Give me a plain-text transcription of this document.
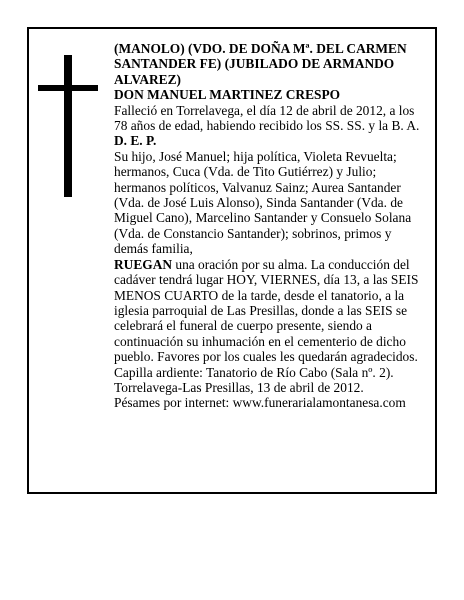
(MANOLO) (VDO. DE DOÑA Mª. DEL CARMEN SANTANDER FE) (JUBILADO DE ARMANDO ALVAREZ)

DON MANUEL MARTINEZ CRESPO

Falleció en Torrelavega, el día 12 de abril de 2012, a los 78 años de edad, habiendo recibido los SS. SS. y la B. A.

D. E. P.

Su hijo, José Manuel; hija política, Violeta Revuelta; hermanos, Cuca (Vda. de Tito Gutiérrez) y Julio; hermanos políticos, Valvanuz Sainz; Aurea Santander (Vda. de José Luis Alonso), Sinda Santander (Vda. de Miguel Cano), Marcelino Santander y Consuelo Solana (Vda. de Constancio Santander); sobrinos, primos y demás familia,

RUEGAN una oración por su alma. La conducción del cadáver tendrá lugar HOY, VIERNES, día 13, a las SEIS MENOS CUARTO de la tarde, desde el tanatorio, a la iglesia parroquial de Las Presillas, donde a las SEIS se celebrará el funeral de cuerpo presente, siendo a continuación su inhumación en el cementerio de dicho pueblo. Favores por los cuales les quedarán agradecidos.

Capilla ardiente: Tanatorio de Río Cabo (Sala nº. 2).

Torrelavega-Las Presillas, 13 de abril de 2012.

Pésames por internet: www.funerarialamontanesa.com
